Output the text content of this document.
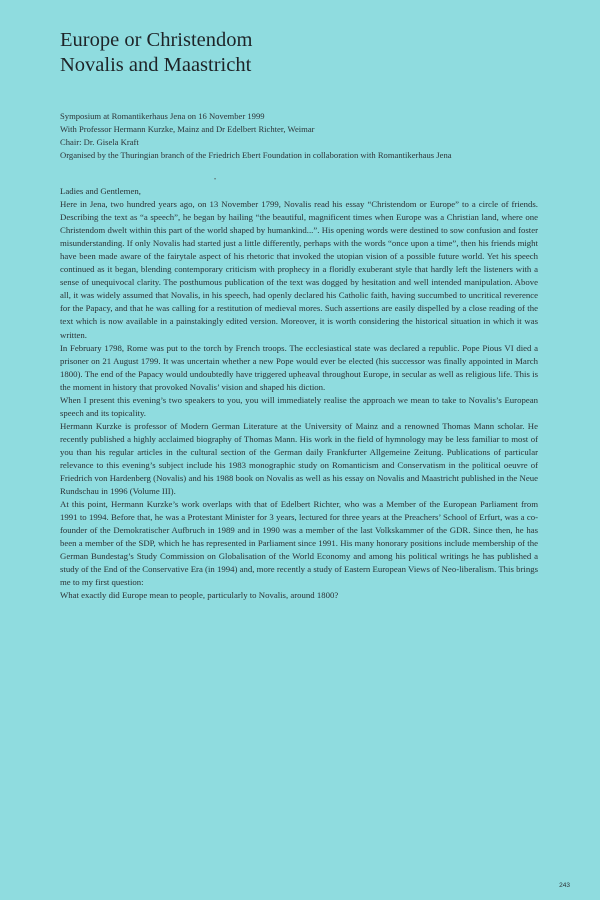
Europe or Christendom
Novalis and Maastricht
Symposium at Romantikerhaus Jena on 16 November 1999
With Professor Hermann Kurzke, Mainz and Dr Edelbert Richter, Weimar
Chair: Dr. Gisela Kraft
Organised by the Thuringian branch of the Friedrich Ebert Foundation in collaboration with Romantikerhaus Jena
•

Ladies and Gentlemen,

Here in Jena, two hundred years ago, on 13 November 1799, Novalis read his essay “Christendom or Europe” to a circle of friends. Describing the text as “a speech”, he began by hailing “the beautiful, magnificent times when Europe was a Christian land, where one Christendom dwelt within this part of the world shaped by humankind...”. His opening words were destined to sow confusion and foster misunderstanding. If only Novalis had started just a little differently, perhaps with the words “once upon a time”, then his friends might have been made aware of the fairytale aspect of his rhetoric that invoked the utopian vision of a possible future world. Yet his speech continued as it began, blending contemporary criticism with prophecy in a floridly exuberant style that hardly left the listeners with a sense of unequivocal clarity. The posthumous publication of the text was dogged by hesitation and well intended manipulation. Above all, it was widely assumed that Novalis, in his speech, had openly declared his Catholic faith, having succumbed to uncritical reverence for the Papacy, and that he was calling for a restitution of medieval mores. Such assertions are easily dispelled by a close reading of the text which is now available in a painstakingly edited version. Moreover, it is worth considering the historical situation in which it was written.

In February 1798, Rome was put to the torch by French troops. The ecclesiastical state was declared a republic. Pope Pious VI died a prisoner on 21 August 1799. It was uncertain whether a new Pope would ever be elected (his successor was finally appointed in March 1800). The end of the Papacy would undoubtedly have triggered upheaval throughout Europe, in secular as well as religious life. This is the moment in history that provoked Novalis’ vision and shaped his diction.

When I present this evening’s two speakers to you, you will immediately realise the approach we mean to take to Novalis’s European speech and its topicality.

Hermann Kurzke is professor of Modern German Literature at the University of Mainz and a renowned Thomas Mann scholar. He recently published a highly acclaimed biography of Thomas Mann. His work in the field of hymnology may be less familiar to most of you than his regular articles in the cultural section of the German daily Frankfurter Allgemeine Zeitung. Publications of particular relevance to this evening’s subject include his 1983 monographic study on Romanticism and Conservatism in the political oeuvre of Friedrich von Hardenberg (Novalis) and his 1988 book on Novalis as well as his essay on Novalis and Maastricht published in the Neue Rundschau in 1996 (Volume III).

At this point, Hermann Kurzke’s work overlaps with that of Edelbert Richter, who was a Member of the European Parliament from 1991 to 1994. Before that, he was a Protestant Minister for 3 years, lectured for three years at the Preachers’ School of Erfurt, was a co-founder of the Demokratischer Aufbruch in 1989 and in 1990 was a member of the last Volkskammer of the GDR. Since then, he has been a member of the SDP, which he has represented in Parliament since 1991. His many honorary positions include membership of the German Bundestag’s Study Commission on Globalisation of the World Economy and among his political writings he has published a study of the End of the Conservative Era (in 1994) and, more recently a study of Eastern European Views of Neo-liberalism. This brings me to my first question:

What exactly did Europe mean to people, particularly to Novalis, around 1800?

243
